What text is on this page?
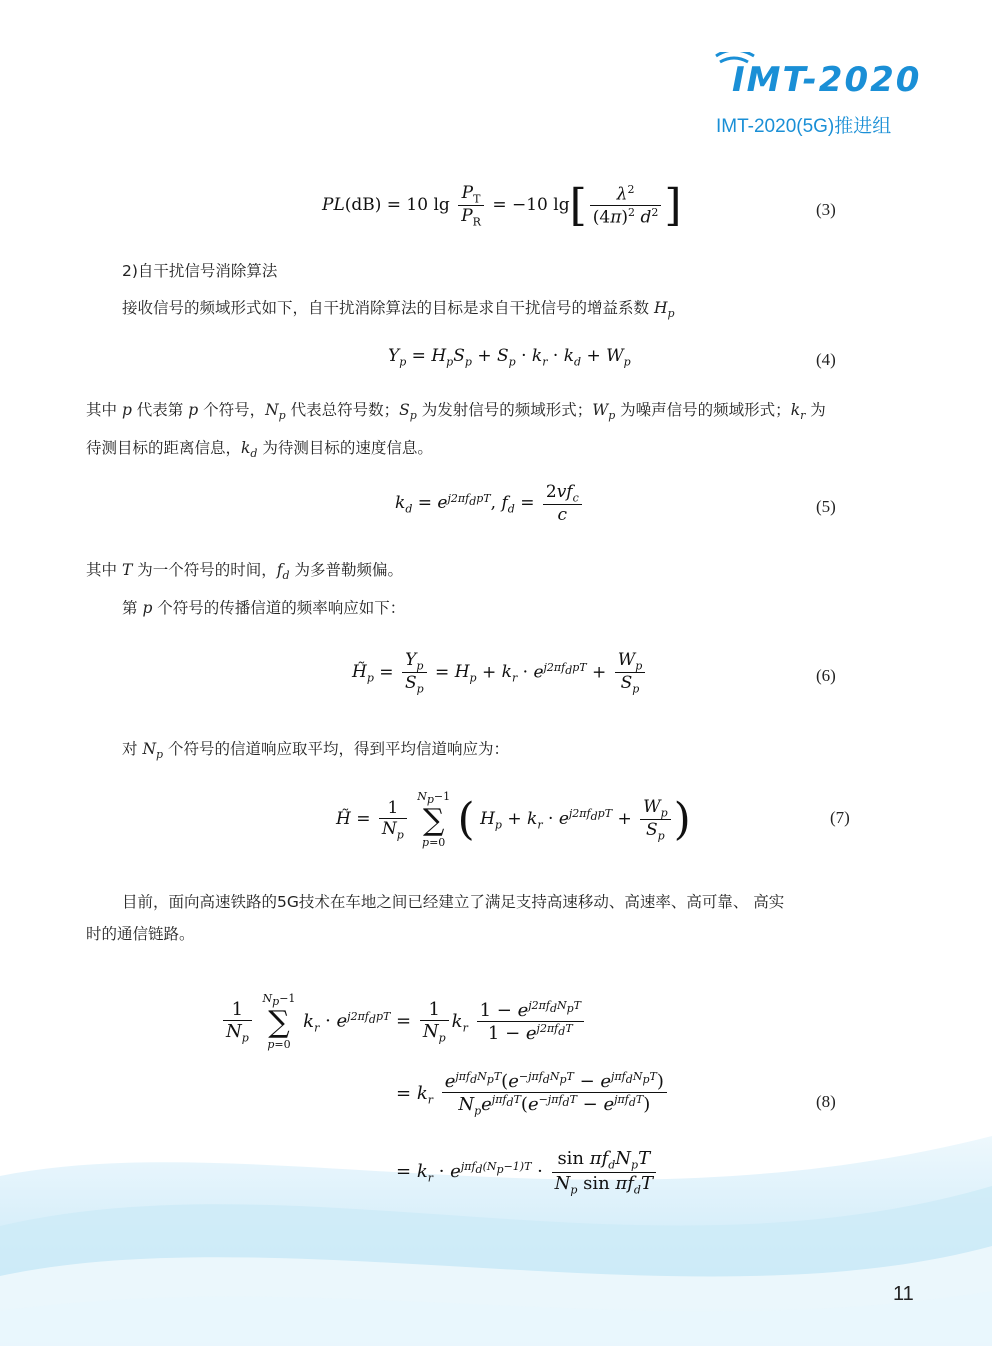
IMT-2020
IMT-2020(5G)推进组
PL(dB) = 10 $\lg \frac{P_T}{P_R} = -10$ $\lg[ \frac{\lambda^2}{(4\pi)^2 d^2}$ ]	(3)
2)自干扰信号消除算法
接收信号的频域形式如下，自干扰消除算法的目标是求自干扰信号的增益系数 $H_p$
$Y_p = H_pS_p + S_p \cdot k_r \cdot k_d + W_p$	(4)
其中 p 代表第 p 个符号，$N_p$ 代表总符号数；$S_p$ 为发射信号的频域形式；$W_p$ 为噪声信号的频域形式；$k_r$ 为
待测目标的距离信息，$k_d$ 为待测目标的速度信息。
$k_d = e^{j2\pi f_dpT}$, $f_d = \frac{2vf_c}{c}$	(5)
其中 T 为一个符号的时间，$f_d$ 为多普勒频偏。
第 p 个符号的传播信道的频率响应如下：
$H̃_p = \frac{Y_p}{S_p} = H_p + k_r \cdot e^{j2\pi f_dpT} + \frac{W_p}{S_p}$	(6)
对 $N_p$ 个符号的信道响应取平均，得到平均信道响应为：
H̃ = $\frac{1}{N_p}$
$N_p-1$
∑
p=0 ( $H_p + k_r \cdot e^{j2\pi f_dpT} + \frac{W_p}{S_p}$ )	(7)
目前，面向高速铁路的5G技术在车地之间已经建立了满足支持高速移动、高速率、高可靠、 高实
时的通信链路。
$\frac{1}{N_p}$
$N_p-1$
∑
p=0 $k_r \cdot e^{j2\pi f_dpT} = \frac{1}{N_p} k_r \frac{1 - e^{j2\pi f_dN_pT}}{1 - e^{j2\pi f_dT}}$
= $k_r \frac{e^{j\pi f_dN_pT}(e^{-j\pi f_dN_pT} - e^{j\pi f_dN_pT})}{N_pe^{j\pi f_dT}(e^{-j\pi f_dT} - e^{j\pi f_dT})}$	(8)
= $k_r \cdot e^{j\pi f_d(N_p-1)T} \cdot \frac{\sin \pi f_dN_pT}{N_p \sin \pi f_dT}$
11
